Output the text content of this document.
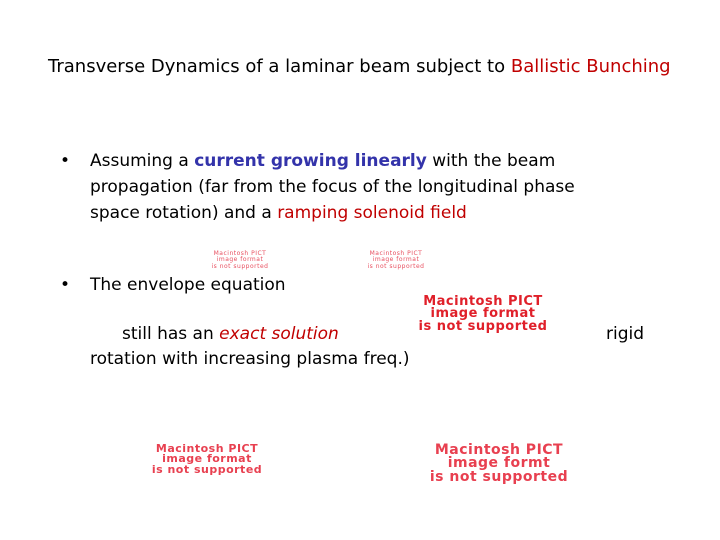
Transverse Dynamics of a laminar beam subject to Ballistic Bunching
• Assuming a current growing linearly with the beam
propagation (far from the focus of the longitudinal phase
space rotation) and a ramping solenoid field
Macintosh PICT
image format
is not supported
Macintosh PICT
image format
is not supported
• The envelope equation
still has an exact solution	rigid
rotation with increasing plasma freq.)
Macintosh PICT
image format
is not supported
Macintosh PICT
image format
is not supported
Macintosh PICT
image formt
is not supported
